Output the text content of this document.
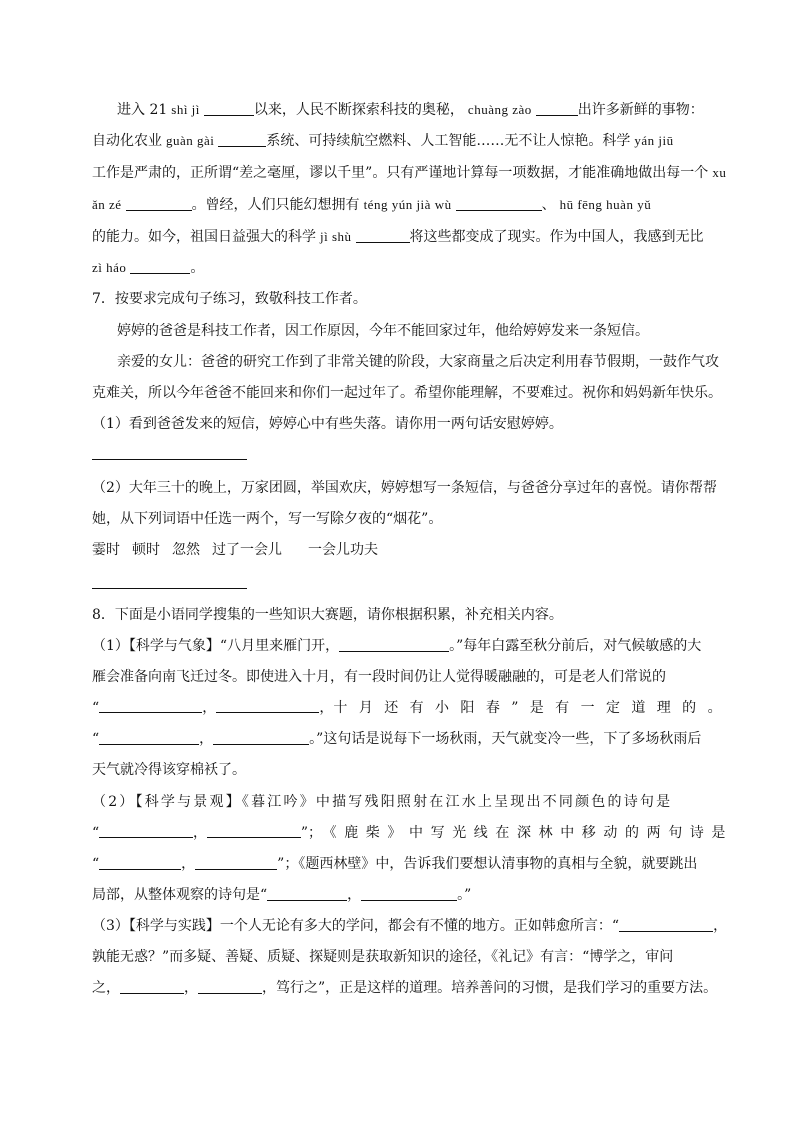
进入 21 shì jì	以来，人民不断探索科技的奥秘， chuàng zào	出许多新鲜的事物：
自动化农业 guàn gài	系统、可持续航空燃料、人工智能……无不让人惊艳。科学 yán jiū
工作是严肃的，正所谓“差之毫厘，谬以千里”。只有严谨地计算每一项数据，才能准确地做出每一个 xu
ǎn zé	。曾经，人们只能幻想拥有 téng yún jià wù	、 hū fēng huàn yǔ
的能力。如今，祖国日益强大的科学 jì shù	将这些都变成了现实。作为中国人，我感到无比
zì háo	。
7．按要求完成句子练习，致敬科技工作者。
婷婷的爸爸是科技工作者，因工作原因，今年不能回家过年，他给婷婷发来一条短信。
亲爱的女儿：爸爸的研究工作到了非常关键的阶段，大家商量之后决定利用春节假期，一鼓作气攻
克难关，所以今年爸爸不能回来和你们一起过年了。希望你能理解，不要难过。祝你和妈妈新年快乐。
（1）看到爸爸发来的短信，婷婷心中有些失落。请你用一两句话安慰婷婷。
（2）大年三十的晚上，万家团圆，举国欢庆，婷婷想写一条短信，与爸爸分享过年的喜悦。请你帮帮
她，从下列词语中任选一两个，写一写除夕夜的“烟花”。
霎时 顿时 忽然 过了一会儿 一会儿功夫
8．下面是小语同学搜集的一些知识大赛题，请你根据积累，补充相关内容。
（1）【科学与气象】“八月里来雁门开，	。”每年白露至秋分前后，对气候敏感的大
雁会准备向南飞迁过冬。即使进入十月，有一段时间仍让人觉得暖融融的，可是老人们常说的
“	，	， 十月还有小阳春”是有一定道理的。
“	，	。”这句话是说每下一场秋雨，天气就变冷一些，下了多场秋雨后
天气就冷得该穿棉袄了。
（2）【科学与景观】《暮江吟》中描写残阳照射在江水上呈现出不同颜色的诗句是
“	，	” ；《鹿柴》中写光线在深林中移动的两句诗是
“	，	”；《题西林壁》中，告诉我们要想认清事物的真相与全貌，就要跳出
局部，从整体观察的诗句是“	，	。”
（3）【科学与实践】一个人无论有多大的学问，都会有不懂的地方。正如韩愈所言：“	，
孰能无惑？”而多疑、善疑、质疑、探疑则是获取新知识的途径，《礼记》有言：“博学之，审问
之，	，	，笃行之”，正是这样的道理。培养善问的习惯，是我们学习的重要方法。
